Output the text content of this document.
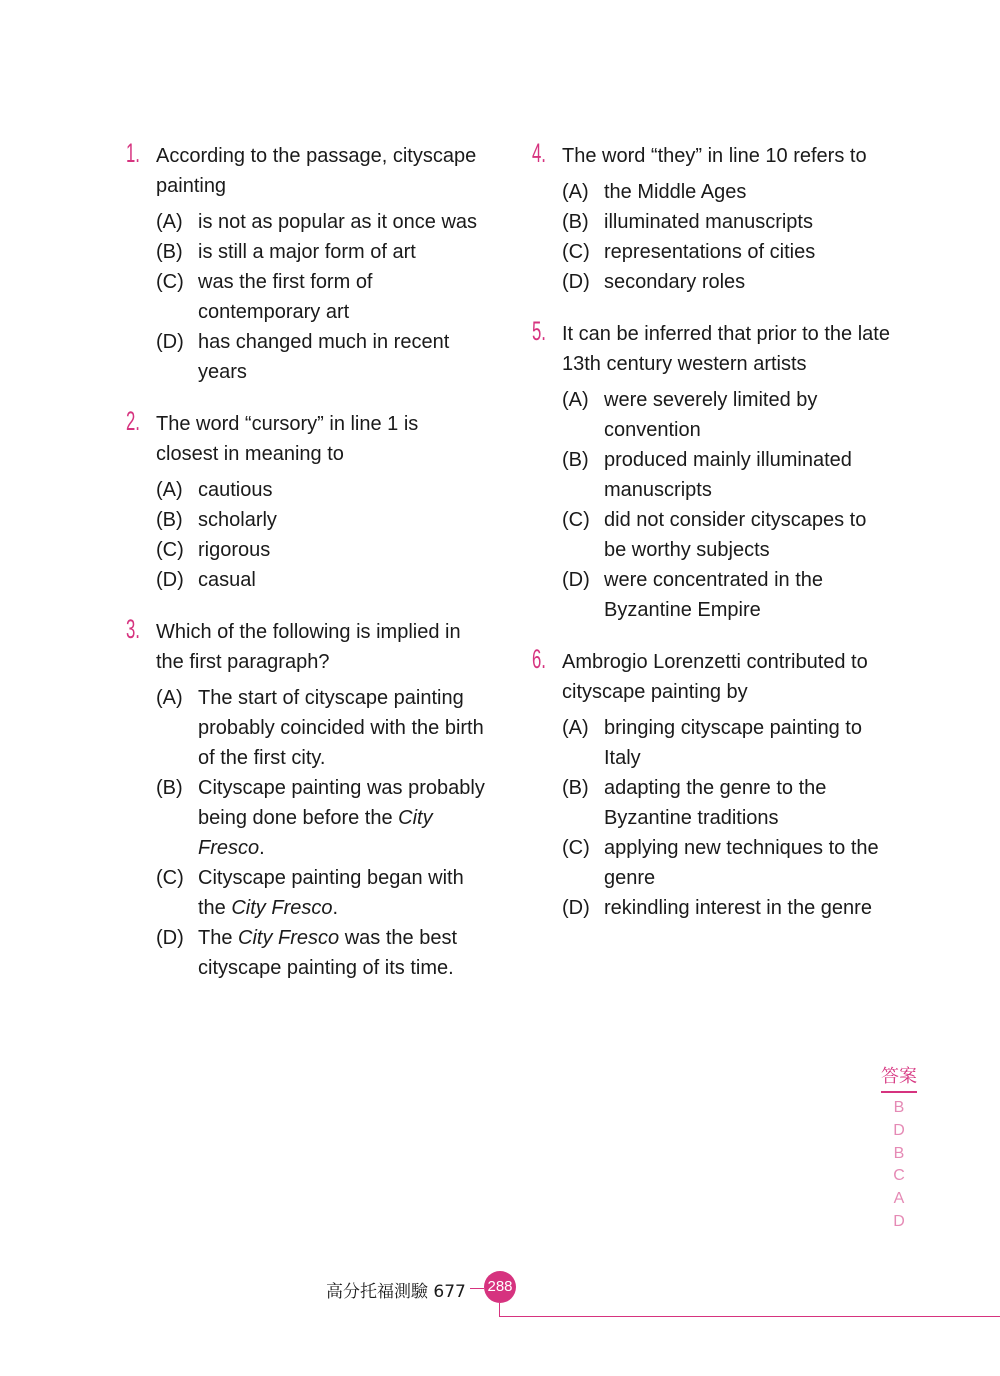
1. According to the passage, cityscape painting
(A) is not as popular as it once was
(B) is still a major form of art
(C) was the first form of contemporary art
(D) has changed much in recent years
2. The word “cursory” in line 1 is closest in meaning to
(A) cautious
(B) scholarly
(C) rigorous
(D) casual
3. Which of the following is implied in the first paragraph?
(A) The start of cityscape painting probably coincided with the birth of the first city.
(B) Cityscape painting was probably being done before the City Fresco.
(C) Cityscape painting began with the City Fresco.
(D) The City Fresco was the best cityscape painting of its time.
4. The word “they” in line 10 refers to
(A) the Middle Ages
(B) illuminated manuscripts
(C) representations of cities
(D) secondary roles
5. It can be inferred that prior to the late 13th century western artists
(A) were severely limited by convention
(B) produced mainly illuminated manuscripts
(C) did not consider cityscapes to be worthy subjects
(D) were concentrated in the Byzantine Empire
6. Ambrogio Lorenzetti contributed to cityscape painting by
(A) bringing cityscape painting to Italy
(B) adapting the genre to the Byzantine traditions
(C) applying new techniques to the genre
(D) rekindling interest in the genre
答案
B
D
B
C
A
D
高分托福測驗 677 288
